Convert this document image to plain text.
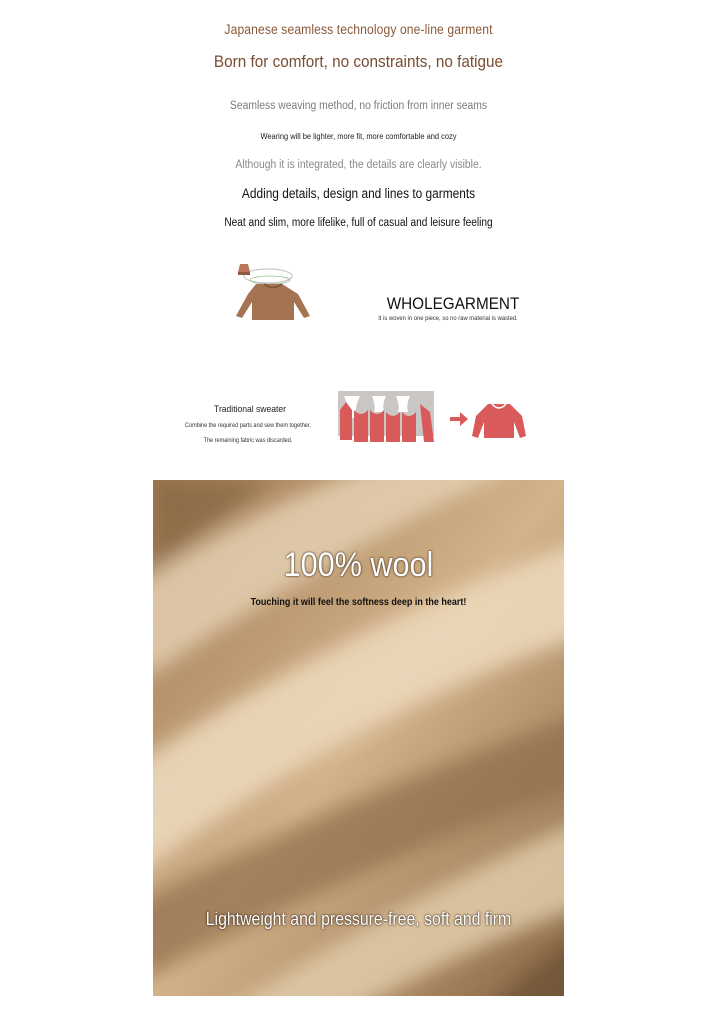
Japanese seamless technology one-line garment

Born for comfort, no constraints, no fatigue

Seamless weaving method, no friction from inner seams

Wearing will be lighter, more fit, more comfortable and cozy

Although it is integrated, the details are clearly visible.

Adding details, design and lines to garments

Neat and slim, more lifelike, full of casual and leisure feeling

WHOLEGARMENT

It is woven in one piece, so no raw material is wasted.

Traditional sweater

Combine the required parts and sew them together.

The remaining fabric was discarded.

100% wool

Touching it will feel the softness deep in the heart!

Lightweight and pressure-free, soft and firm
